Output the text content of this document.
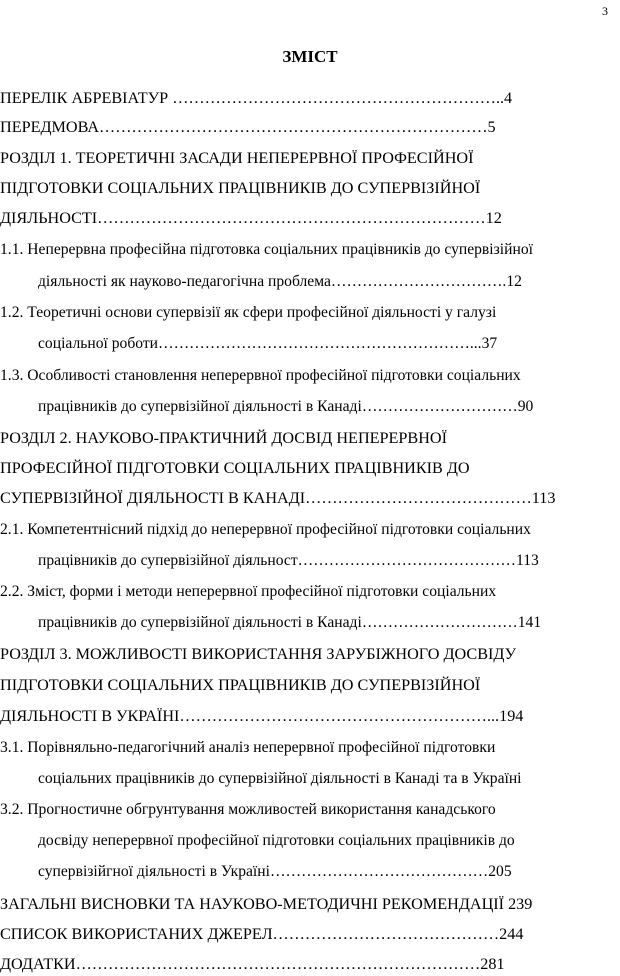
3
ЗМІСТ
ПЕРЕЛІК АБРЕВІАТУР ……………………………………………………..4
ПЕРЕДМОВА………………………………………………………………5
РОЗДІЛ 1. ТЕОРЕТИЧНІ ЗАСАДИ НЕПЕРЕРВНОЇ ПРОФЕСІЙНОЇ
ПІДГОТОВКИ СОЦІАЛЬНИХ ПРАЦІВНИКІВ ДО СУПЕРВІЗІЙНОЇ
ДІЯЛЬНОСТІ………………………………………………………………12
1.1. Неперервна професійна підготовка соціальних працівників до супервізійної
діяльності як науково-педагогічна проблема…………………………….12
1.2. Теоретичні основи супервізії як сфери професійної діяльності у галузі
соціальної роботи……………………………………………………...37
1.3. Особливості становлення неперервної професійної підготовки соціальних
працівників до супервізійної діяльності в Канаді…………………………90
РОЗДІЛ 2. НАУКОВО-ПРАКТИЧНИЙ ДОСВІД НЕПЕРЕРВНОЇ
ПРОФЕСІЙНОЇ ПІДГОТОВКИ СОЦІАЛЬНИХ ПРАЦІВНИКІВ ДО
СУПЕРВІЗІЙНОЇ ДІЯЛЬНОСТІ В КАНАДІ……………………………………113
2.1. Компетентнісний підхід до неперервної професійної підготовки соціальних
працівників до супервізійної діяльност……………………………………113
2.2. Зміст, форми і методи неперервної професійної підготовки соціальних
працівників до супервізійної діяльності в Канаді…………………………141
РОЗДІЛ 3. МОЖЛИВОСТІ ВИКОРИСТАННЯ ЗАРУБІЖНОГО ДОСВІДУ
ПІДГОТОВКИ СОЦІАЛЬНИХ ПРАЦІВНИКІВ ДО СУПЕРВІЗІЙНОЇ
ДІЯЛЬНОСТІ В УКРАЇНІ…………………………………………………...194
3.1. Порівняльно-педагогічний аналіз неперервної професійної підготовки
соціальних працівників до супервізійної діяльності в Канаді та в Україні
3.2. Прогностичне обгрунтування можливостей використання канадського
досвіду неперервної професійної підготовки соціальних працівників до
супервізійгної діяльності в Україні……………………………………205
ЗАГАЛЬНІ ВИСНОВКИ ТА НАУКОВО-МЕТОДИЧНІ РЕКОМЕНДАЦІЇ 239
СПИСОК ВИКОРИСТАНИХ ДЖЕРЕЛ……………………………………244
ДОДАТКИ…………………………………………………………………281
